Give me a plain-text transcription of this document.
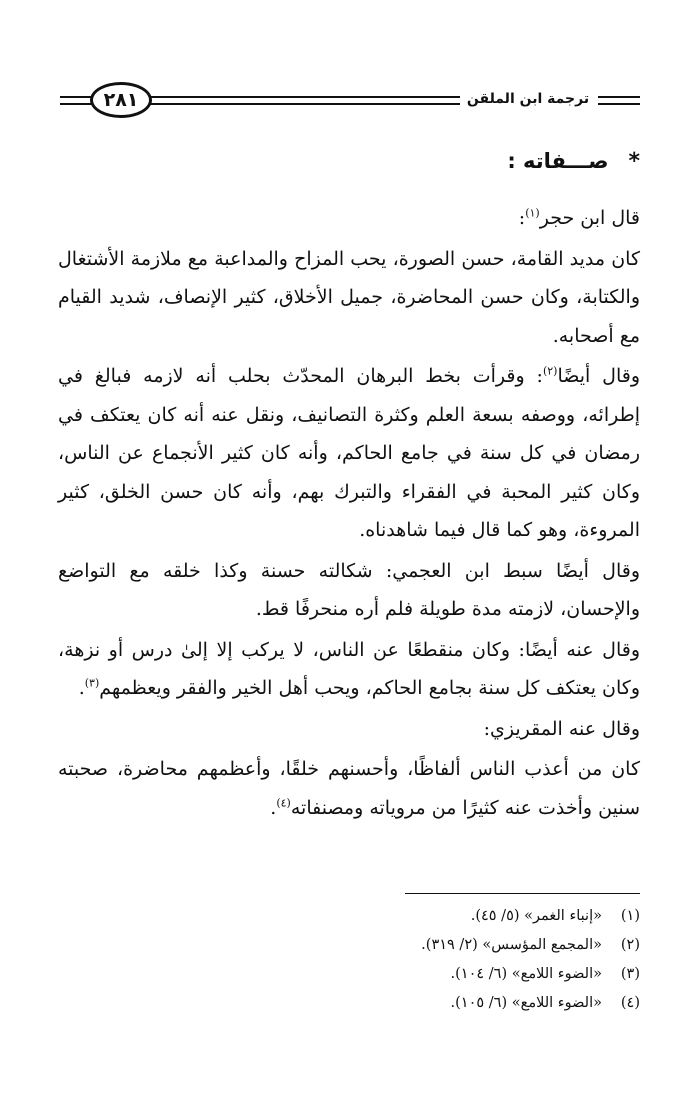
٢٨١	ترجمة ابن الملقن
*صـــفاته :

قال ابن حجر$^{(١)}$:

كان مديد القامة، حسن الصورة، يحب المزاح والمداعبة مع ملازمة الأشتغال والكتابة، وكان حسن المحاضرة، جميل الأخلاق، كثير الإنصاف، شديد القيام مع أصحابه.

وقال أيضًا$^{(٢)}$: وقرأت بخط البرهان المحدّث بحلب أنه لازمه فبالغ في إطرائه، ووصفه بسعة العلم وكثرة التصانيف، ونقل عنه أنه كان يعتكف في رمضان في كل سنة في جامع الحاكم، وأنه كان كثير الأنجماع عن الناس، وكان كثير المحبة في الفقراء والتبرك بهم، وأنه كان حسن الخلق، كثير المروءة، وهو كما قال فيما شاهدناه.

وقال أيضًا سبط ابن العجمي: شكالته حسنة وكذا خلقه مع التواضع والإحسان، لازمته مدة طويلة فلم أره منحرفًا قط.

وقال عنه أيضًا: وكان منقطعًا عن الناس، لا يركب إلا إلىٰ درس أو نزهة، وكان يعتكف كل سنة بجامع الحاكم، ويحب أهل الخير والفقر ويعظمهم$^{(٣)}$.

وقال عنه المقريزي:

كان من أعذب الناس ألفاظًا، وأحسنهم خلقًا، وأعظمهم محاضرة، صحبته سنين وأخذت عنه كثيرًا من مروياته ومصنفاته$^{(٤)}$.

(١)
«إنباء الغمر» (٥/ ٤٥).
(٢)
«المجمع المؤسس» (٢/ ٣١٩).
(٣)
«الضوء اللامع» (٦/ ١٠٤).
(٤)
«الضوء اللامع» (٦/ ١٠٥).
